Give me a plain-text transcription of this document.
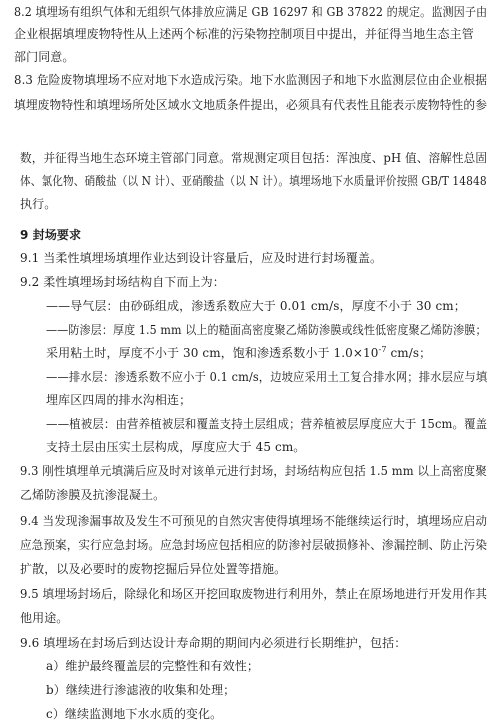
8.2 填埋场有组织气体和无组织气体排放应满足 GB 16297 和 GB 37822 的规定。监测因子由
企业根据填埋废物特性从上述两个标准的污染物控制项目中提出，并征得当地生态主管
部门同意。
8.3 危险废物填埋场不应对地下水造成污染。地下水监测因子和地下水监测层位由企业根据
填埋废物特性和填埋场所处区域水文地质条件提出，必须具有代表性且能表示废物特性的参
数，并征得当地生态环境主管部门同意。常规测定项目包括：浑浊度、pH 值、溶解性总固
体、氯化物、硝酸盐（以 N 计）、亚硝酸盐（以 N 计）。填埋场地下水质量评价按照 GB/T 14848
执行。
9 封场要求
9.1 当柔性填埋场填埋作业达到设计容量后，应及时进行封场覆盖。
9.2 柔性填埋场封场结构自下而上为：
——导气层：由砂砾组成，渗透系数应大于 0.01 cm/s，厚度不小于 30 cm；
——防渗层：厚度 1.5 mm 以上的糙面高密度聚乙烯防渗膜或线性低密度聚乙烯防渗膜；
采用粘土时，厚度不小于 30 cm，饱和渗透系数小于 $1.0\times 10^{-7}$ cm/s；
——排水层：渗透系数不应小于 0.1 cm/s，边坡应采用土工复合排水网；排水层应与填
埋库区四周的排水沟相连；
——植被层：由营养植被层和覆盖支持土层组成；营养植被层厚度应大于 15cm。覆盖
支持土层由压实土层构成，厚度应大于 45 cm。
9.3 刚性填埋单元填满后应及时对该单元进行封场，封场结构应包括 1.5 mm 以上高密度聚
乙烯防渗膜及抗渗混凝土。
9.4 当发现渗漏事故及发生不可预见的自然灾害使得填埋场不能继续运行时，填埋场应启动
应急预案，实行应急封场。应急封场应包括相应的防渗衬层破损修补、渗漏控制、防止污染
扩散，以及必要时的废物挖掘后异位处置等措施。
9.5 填埋场封场后，除绿化和场区开挖回取废物进行利用外，禁止在原场地进行开发用作其
他用途。
9.6 填埋场在封场后到达设计寿命期的期间内必须进行长期维护，包括：
a）维护最终覆盖层的完整性和有效性；
b）继续进行渗滤液的收集和处理；
c）继续监测地下水水质的变化。
